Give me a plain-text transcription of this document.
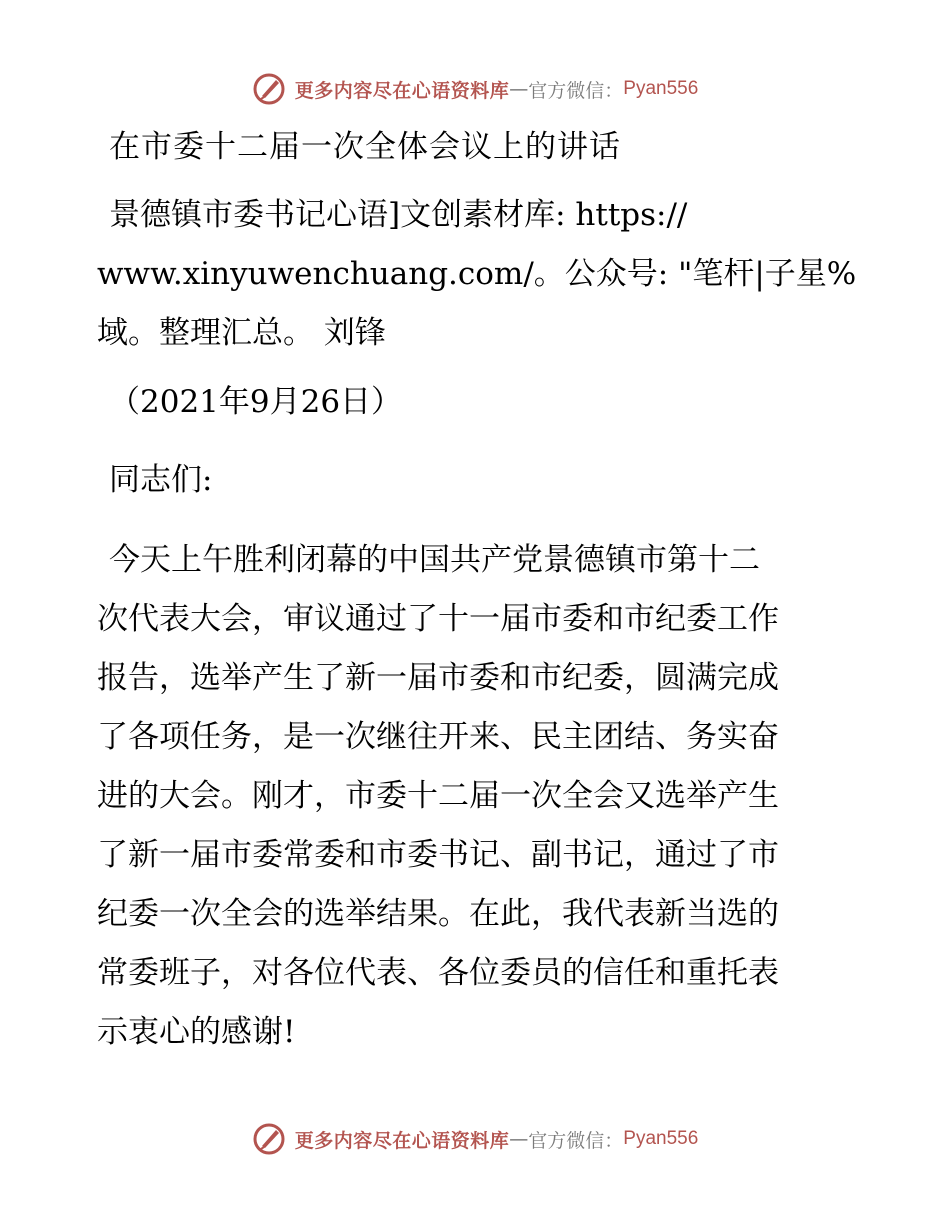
更多内容尽在心语资料库—官方微信：Pyan556
在市委十二届一次全体会议上的讲话
景德镇市委书记心语]文创素材库: https://
www.xinyuwenchuang.com/。公众号: "笔杆|子星%
域。整理汇总。 刘锋
（2021年9月26日）
同志们:
今天上午胜利闭幕的中国共产党景德镇市第十二
次代表大会，审议通过了十一届市委和市纪委工作
报告，选举产生了新一届市委和市纪委，圆满完成
了各项任务，是一次继往开来、民主团结、务实奋
进的大会。刚才，市委十二届一次全会又选举产生
了新一届市委常委和市委书记、副书记，通过了市
纪委一次全会的选举结果。在此，我代表新当选的
常委班子，对各位代表、各位委员的信任和重托表
示衷心的感谢!
更多内容尽在心语资料库—官方微信：Pyan556
